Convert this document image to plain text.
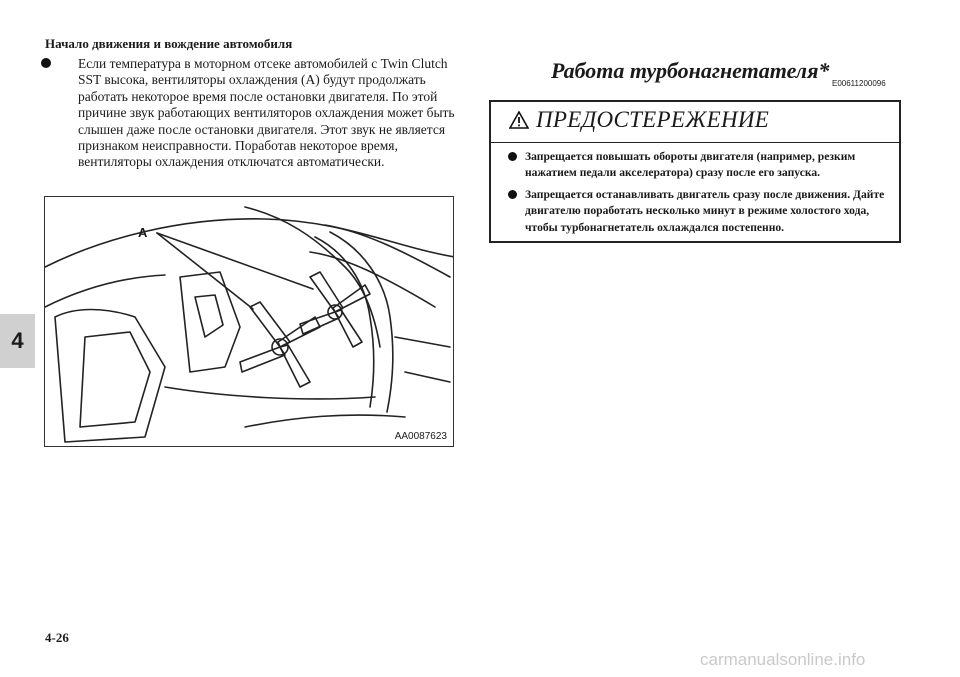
Начало движения и вождение автомобиля

Если температура в моторном отсеке автомобилей с Twin Clutch SST высока, вентиляторы охлаждения (A) будут продолжать работать некоторое время после остановки двигателя. По этой причине звук работающих вентиляторов охлаждения может быть слышен даже после остановки двигателя. Этот звук не является признаком неисправности. Поработав некоторое время, вентиляторы охлаждения отключатся автоматически.

A
AA0087623
4
Работа турбонагнетателя*
E00611200096
ПРЕДОСТЕРЕЖЕНИЕ
Запрещается повышать обороты двигателя (например, резким нажатием педали акселератора) сразу после его запуска.
Запрещается останавливать двигатель сразу после движения. Дайте двигателю поработать несколько минут в режиме холостого хода, чтобы турбонагнетатель охлаждался постепенно.
4-26
carmanualsonline.info
